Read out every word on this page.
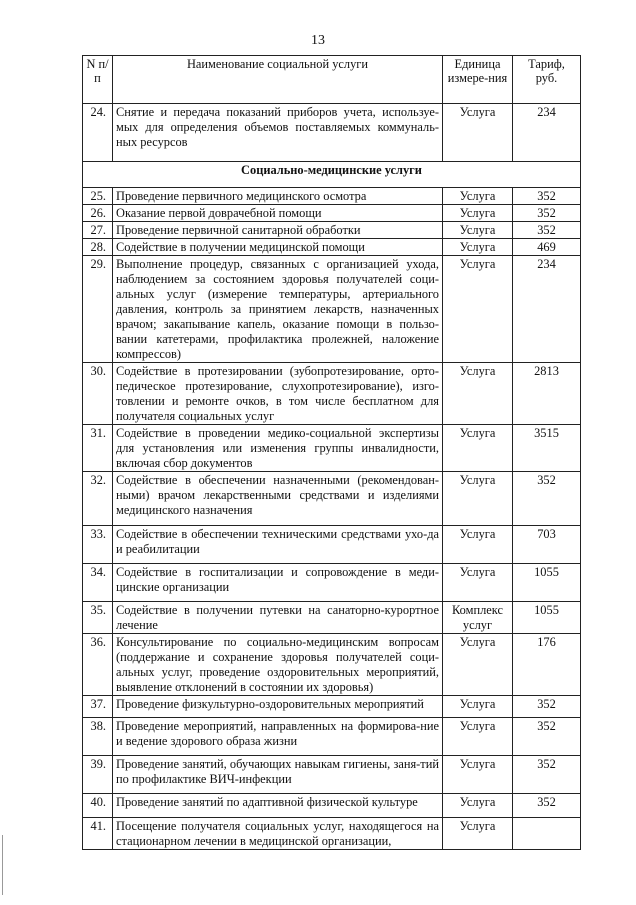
13
N п/п	Наименование социальной услуги	Единица измере-ния	Тариф, руб.
24.	Снятие и передача показаний приборов учета, используе-мых для определения объемов поставляемых коммуналь-ных ресурсов	Услуга	234
Социально-медицинские услуги			
25.	Проведение первичного медицинского осмотра	Услуга	352
26.	Оказание первой доврачебной помощи	Услуга	352
27.	Проведение первичной санитарной обработки	Услуга	352
28.	Содействие в получении медицинской помощи	Услуга	469
29.	Выполнение процедур, связанных с организацией ухода, наблюдением за состоянием здоровья получателей соци-альных услуг (измерение температуры, артериального давления, контроль за принятием лекарств, назначенных врачом; закапывание капель, оказание помощи в пользо-вании катетерами, профилактика пролежней, наложение компрессов)	Услуга	234
30.	Содействие в протезировании (зубопротезирование, орто-педическое протезирование, слухопротезирование), изго-товлении и ремонте очков, в том числе бесплатном для получателя социальных услуг	Услуга	2813
31.	Содействие в проведении медико-социальной экспертизы для установления или изменения группы инвалидности, включая сбор документов	Услуга	3515
32.	Содействие в обеспечении назначенными (рекомендован-ными) врачом лекарственными средствами и изделиями медицинского назначения	Услуга	352
33.	Содействие в обеспечении техническими средствами ухо-да и реабилитации	Услуга	703
34.	Содействие в госпитализации и сопровождение в меди-цинские организации	Услуга	1055
35.	Содействие в получении путевки на санаторно-курортное лечение	Комплекс услуг	1055
36.	Консультирование по социально-медицинским вопросам (поддержание и сохранение здоровья получателей соци-альных услуг, проведение оздоровительных мероприятий, выявление отклонений в состоянии их здоровья)	Услуга	176
37.	Проведение физкультурно-оздоровительных мероприятий	Услуга	352
38.	Проведение мероприятий, направленных на формирова-ние и ведение здорового образа жизни	Услуга	352
39.	Проведение занятий, обучающих навыкам гигиены, заня-тий по профилактике ВИЧ-инфекции	Услуга	352
40.	Проведение занятий по адаптивной физической культуре	Услуга	352
41.	Посещение получателя социальных услуг, находящегося на стационарном лечении в медицинской организации,	Услуга	
